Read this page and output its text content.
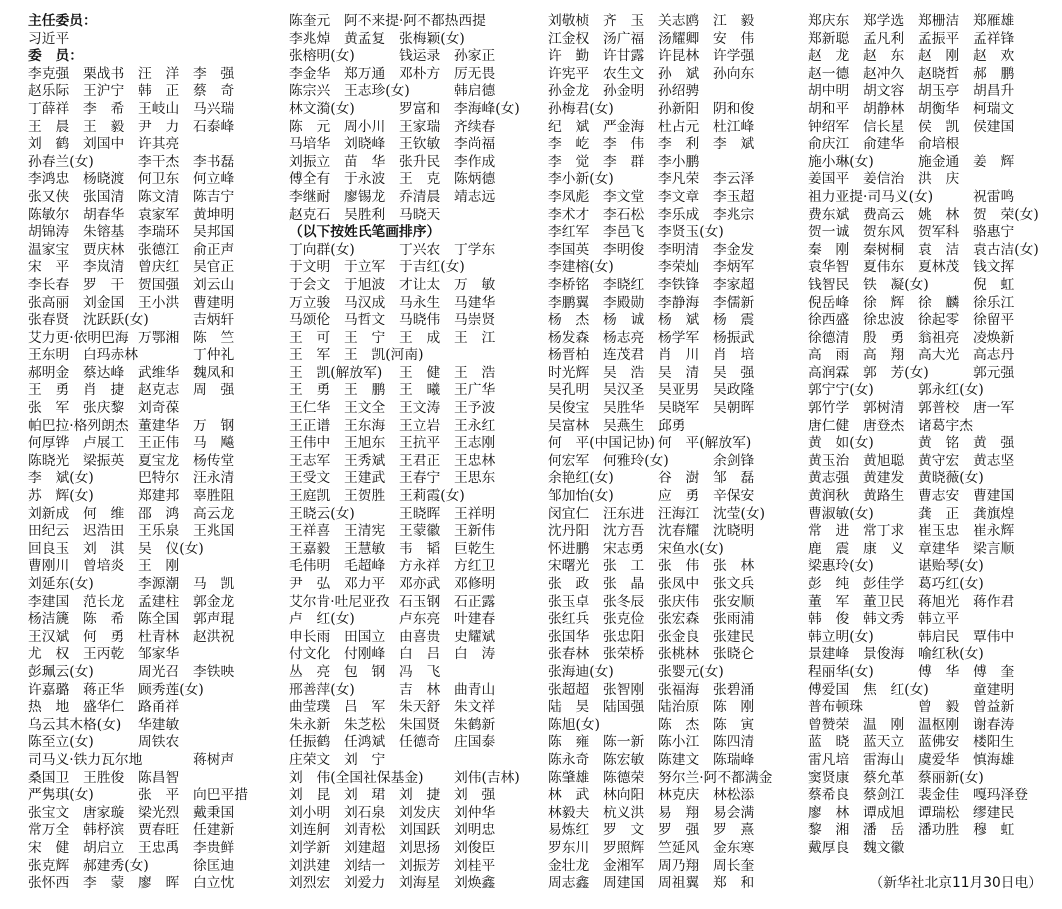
主任委员：
习近平
委　员：
李克强 栗战书 汪　洋 李　强
赵乐际 王沪宁 韩　正 蔡　奇
丁薛祥 李　希 王岐山 马兴瑞
王　晨 王　毅 尹　力 石泰峰
刘　鹤 刘国中 许其亮
孙春兰(女)	李干杰 李书磊
李鸿忠 杨晓渡 何卫东 何立峰
张又侠 张国清 陈文清 陈吉宁
陈敏尔 胡春华 袁家军 黄坤明
胡锦涛 朱镕基 李瑞环 吴邦国
温家宝 贾庆林 张德江 俞正声
宋　平 李岚清 曾庆红 吴官正
李长春 罗　干 贺国强 刘云山
张高丽 刘金国 王小洪 曹建明
张春贤 沈跃跃(女)	吉炳轩
艾力更·依明巴海 万鄂湘 陈　竺
王东明 白玛赤林	丁仲礼
郝明金 蔡达峰 武维华 魏凤和
王　勇 肖　捷 赵克志 周　强
张　军 张庆黎 刘奇葆
帕巴拉·格列朗杰 董建华 万　钢
何厚铧 卢展工 王正伟 马　飚
陈晓光 梁振英 夏宝龙 杨传堂
李　斌(女)	巴特尔 汪永清
苏　辉(女)	郑建邦 辜胜阻
刘新成 何　维 邵　鸿 高云龙
田纪云 迟浩田 王乐泉 王兆国
回良玉 刘　淇 吴　仪(女)
曹刚川 曾培炎 王　刚
刘延东(女)	李源潮 马　凯
李建国 范长龙 孟建柱 郭金龙
杨洁篪 陈　希 陈全国 郭声琨
王汉斌 何　勇 杜青林 赵洪祝
尤　权 王丙乾 邹家华
彭珮云(女)	周光召 李铁映
许嘉璐 蒋正华 顾秀莲(女)
热　地 盛华仁 路甬祥
乌云其木格(女)	华建敏
陈至立(女)	周铁农
司马义·铁力瓦尔地	蒋树声
桑国卫 王胜俊 陈昌智
严隽琪(女)	张　平 向巴平措
张宝文 唐家璇 梁光烈 戴秉国
常万全 韩杼滨 贾春旺 任建新
宋　健 胡启立 王忠禹 李贵鲜
张克辉 郝建秀(女)	徐匡迪
张怀西 李　蒙 廖　晖 白立忱
陈奎元 阿不来提·阿不都热西提
李兆焯 黄孟复 张梅颖(女)
张榕明(女)	钱运录 孙家正
李金华 郑万通 邓朴方 厉无畏
陈宗兴 王志珍(女)	韩启德
林文漪(女)	罗富和 李海峰(女)
陈　元 周小川 王家瑞 齐续春
马培华 刘晓峰 王钦敏 李尚福
刘振立 苗　华 张升民 李作成
傅全有 于永波 王　克 陈炳德
李继耐 廖锡龙 乔清晨 靖志远
赵克石 吴胜利 马晓天
（以下按姓氏笔画排序）
丁向群(女)	丁兴农 丁学东
于文明 于立军 于吉红(女)
于会文 于旭波 才让太 万　敏
万立骏 马汉成 马永生 马建华
马颂伦 马哲文 马晓伟 马崇贤
王　可 王　宁 王　成 王　江
王　军 王　凯(河南)
王　凯(解放军)	王　健 王　浩
王　勇 王　鹏 王　曦 王广华
王仁华 王文全 王文涛 王予波
王正谱 王东海 王立岩 王永红
王伟中 王旭东 王抗平 王志刚
王志军 王秀斌 王君正 王忠林
王受文 王建武 王春宁 王思东
王庭凯 王贺胜 王莉霞(女)
王晓云(女)	王晓晖 王祥明
王祥喜 王清宪 王蒙徽 王新伟
王嘉毅 王慧敏 韦　韬 巨乾生
毛伟明 毛超峰 方永祥 方红卫
尹　弘 邓力平 邓亦武 邓修明
艾尔肯·吐尼亚孜 石玉钢 石正露
卢　红(女)	卢东亮 叶建春
申长雨 田国立 由喜贵 史耀斌
付文化 付刚峰 白　吕 白　涛
丛　亮 包　钢 冯　飞
邢善萍(女)	吉　林 曲青山
曲莹璞 吕　军 朱天舒 朱文祥
朱永新 朱芝松 朱国贤 朱鹤新
任振鹤 任鸿斌 任德奇 庄国泰
庄荣文 刘　宁
刘　伟(全国社保基金)	刘伟(吉林)
刘　昆 刘　珺 刘　捷 刘　强
刘小明 刘石泉 刘发庆 刘仲华
刘连舸 刘青松 刘国跃 刘明忠
刘学新 刘建超 刘思扬 刘俊臣
刘洪建 刘结一 刘振芳 刘桂平
刘烈宏 刘爱力 刘海星 刘焕鑫
刘敬桢 齐　玉 关志鸥 江　毅
江金权 汤广福 汤耀卿 安　伟
许　勤 许甘露 许昆林 许学强
许宪平 农生文 孙　斌 孙向东
孙金龙 孙金明 孙绍骋
孙梅君(女)	孙新阳 阴和俊
纪　斌 严金海 杜占元 杜江峰
李　屹 李　伟 李　利 李　斌
李　觉 李　群 李小鹏
李小新(女)	李凡荣 李云泽
李凤彪 李文堂 李文章 李玉超
李术才 李石松 李乐成 李兆宗
李红军 李邑飞 李贤玉(女)
李国英 李明俊 李明清 李金发
李建榕(女)	李荣灿 李炳军
李桥铭 李晓红 李铁锋 李家超
李鹏翼 李殿勋 李静海 李儒新
杨　杰 杨　诚 杨　斌 杨　震
杨发森 杨志亮 杨学军 杨振武
杨晋柏 连茂君 肖　川 肖　培
时光辉 吴　浩 吴　清 吴　强
吴孔明 吴汉圣 吴亚男 吴政隆
吴俊宝 吴胜华 吴晓军 吴朝晖
吴富林 吴燕生 邱勇
何　平(中国记协) 何　平(解放军)
何宏军 何雅玲(女)	余剑锋
余艳红(女)	谷　澍 邹　磊
邹加怡(女)	应　勇 辛保安
闵宜仁 汪东进 汪海江 沈莹(女)
沈丹阳 沈方吾 沈春耀 沈晓明
怀进鹏 宋志勇 宋鱼水(女)
宋曙光 张　工 张　伟 张　林
张　政 张　晶 张凤中 张文兵
张玉卓 张冬辰 张庆伟 张安顺
张红兵 张克俭 张宏森 张雨浦
张国华 张忠阳 张金良 张建民
张春林 张荣桥 张桃林 张晓仑
张海迪(女)	张婴元(女)
张超超 张智刚 张福海 张碧涌
陆　昊 陆国强 陆治原 陈　刚
陈旭(女)	陈　杰 陈　寅
陈　雍 陈一新 陈小江 陈四清
陈永奇 陈宏敏 陈建文 陈瑞峰
陈肇雄 陈德荣 努尔兰·阿不都满金
林　武 林向阳 林克庆 林松添
林毅夫 杭义洪 易　翔 易会满
易炼红 罗　文 罗　强 罗　熹
罗东川 罗照辉 竺延风 金东寒
金壮龙 金湘军 周乃翔 周长奎
周志鑫 周建国 周祖翼 郑　和
郑庆东 郑学选 郑栅洁 郑雁雄
郑新聪 孟凡利 孟振平 孟祥锋
赵　龙 赵　东 赵　刚 赵　欢
赵一德 赵冲久 赵晓哲 郝　鹏
胡中明 胡文容 胡玉亭 胡昌升
胡和平 胡静林 胡衡华 柯瑞文
钟绍军 信长星 侯　凯 侯建国
俞庆江 俞建华 俞培根
施小琳(女)	施金通 姜　辉
姜国平 姜信治 洪　庆
祖力亚提·司马义(女)	祝雷鸣
费东斌 费高云 姚　林 贺　荣(女)
贺一诚 贺东风 贺军科 骆惠宁
秦　刚 秦树桐 袁　洁 袁古洁(女)
袁华智 夏伟东 夏林茂 钱文挥
钱智民 铁　凝(女)	倪　虹
倪岳峰 徐　辉 徐　麟 徐乐江
徐西盛 徐忠波 徐起零 徐留平
徐德清 殷　勇 翁祖亮 凌焕新
高　雨 高　翔 高大光 高志丹
高润霖 郭　芳(女)	郭元强
郭宁宁(女)	郭永红(女)
郭竹学 郭树清 郭普校 唐一军
唐仁健 唐登杰 诸葛宇杰
黄　如(女)	黄　铭 黄　强
黄玉治 黄旭聪 黄守宏 黄志坚
黄志强 黄建发 黄晓薇(女)
黄润秋 黄路生 曹志安 曹建国
曹淑敏(女)	龚　正 龚旗煌
常　进 常丁求 崔玉忠 崔永辉
鹿　震 康　义 章建华 梁言顺
梁惠玲(女)	谌贻琴(女)
彭　纯 彭佳学 葛巧红(女)
董　军 董卫民 蒋旭光 蒋作君
韩　俊 韩文秀 韩立平
韩立明(女)	韩启民 覃伟中
景建峰 景俊海 喻红秋(女)
程丽华(女)	傅　华 傅　奎
傅爱国 焦　红(女)	童建明
普布顿珠	曾　毅 曾益新
曾赞荣 温　刚 温枢刚 谢春涛
蓝　晓 蓝天立 蓝佛安 楼阳生
雷凡培 雷海山 虞爱华 慎海雄
窦贤康 蔡允革 蔡丽新(女)
蔡希良 蔡剑江 裴金佳 嘎玛泽登
廖　林 谭成旭 谭瑞松 缪建民
黎　湘 潘　岳 潘功胜 穆　虹
戴厚良 魏文徽
（新华社北京11月30日电）
